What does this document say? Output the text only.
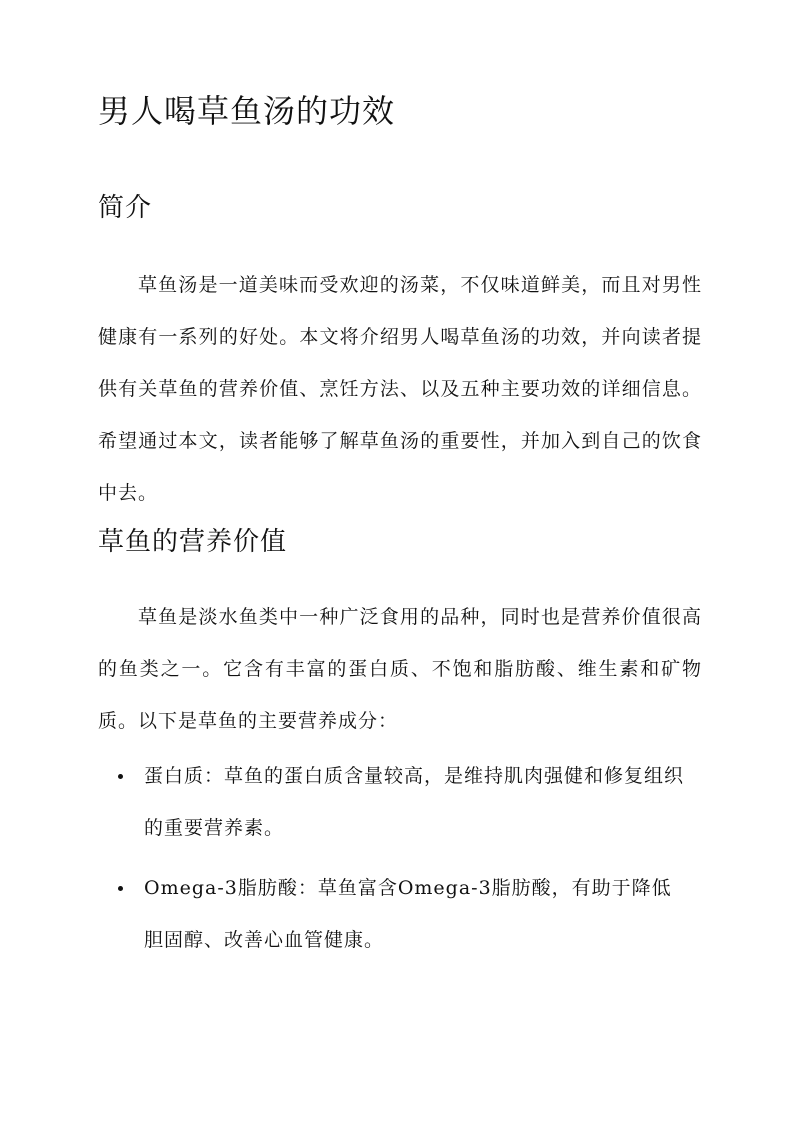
男人喝草鱼汤的功效
简介

草鱼汤是一道美味而受欢迎的汤菜，不仅味道鲜美，而且对男性健康有一系列的好处。本文将介绍男人喝草鱼汤的功效，并向读者提供有关草鱼的营养价值、烹饪方法、以及五种主要功效的详细信息。希望通过本文，读者能够了解草鱼汤的重要性，并加入到自己的饮食中去。

草鱼的营养价值

草鱼是淡水鱼类中一种广泛食用的品种，同时也是营养价值很高的鱼类之一。它含有丰富的蛋白质、不饱和脂肪酸、维生素和矿物质。以下是草鱼的主要营养成分：

蛋白质：草鱼的蛋白质含量较高，是维持肌肉强健和修复组织的重要营养素。
Omega-3脂肪酸：草鱼富含Omega-3脂肪酸，有助于降低胆固醇、改善心血管健康。
